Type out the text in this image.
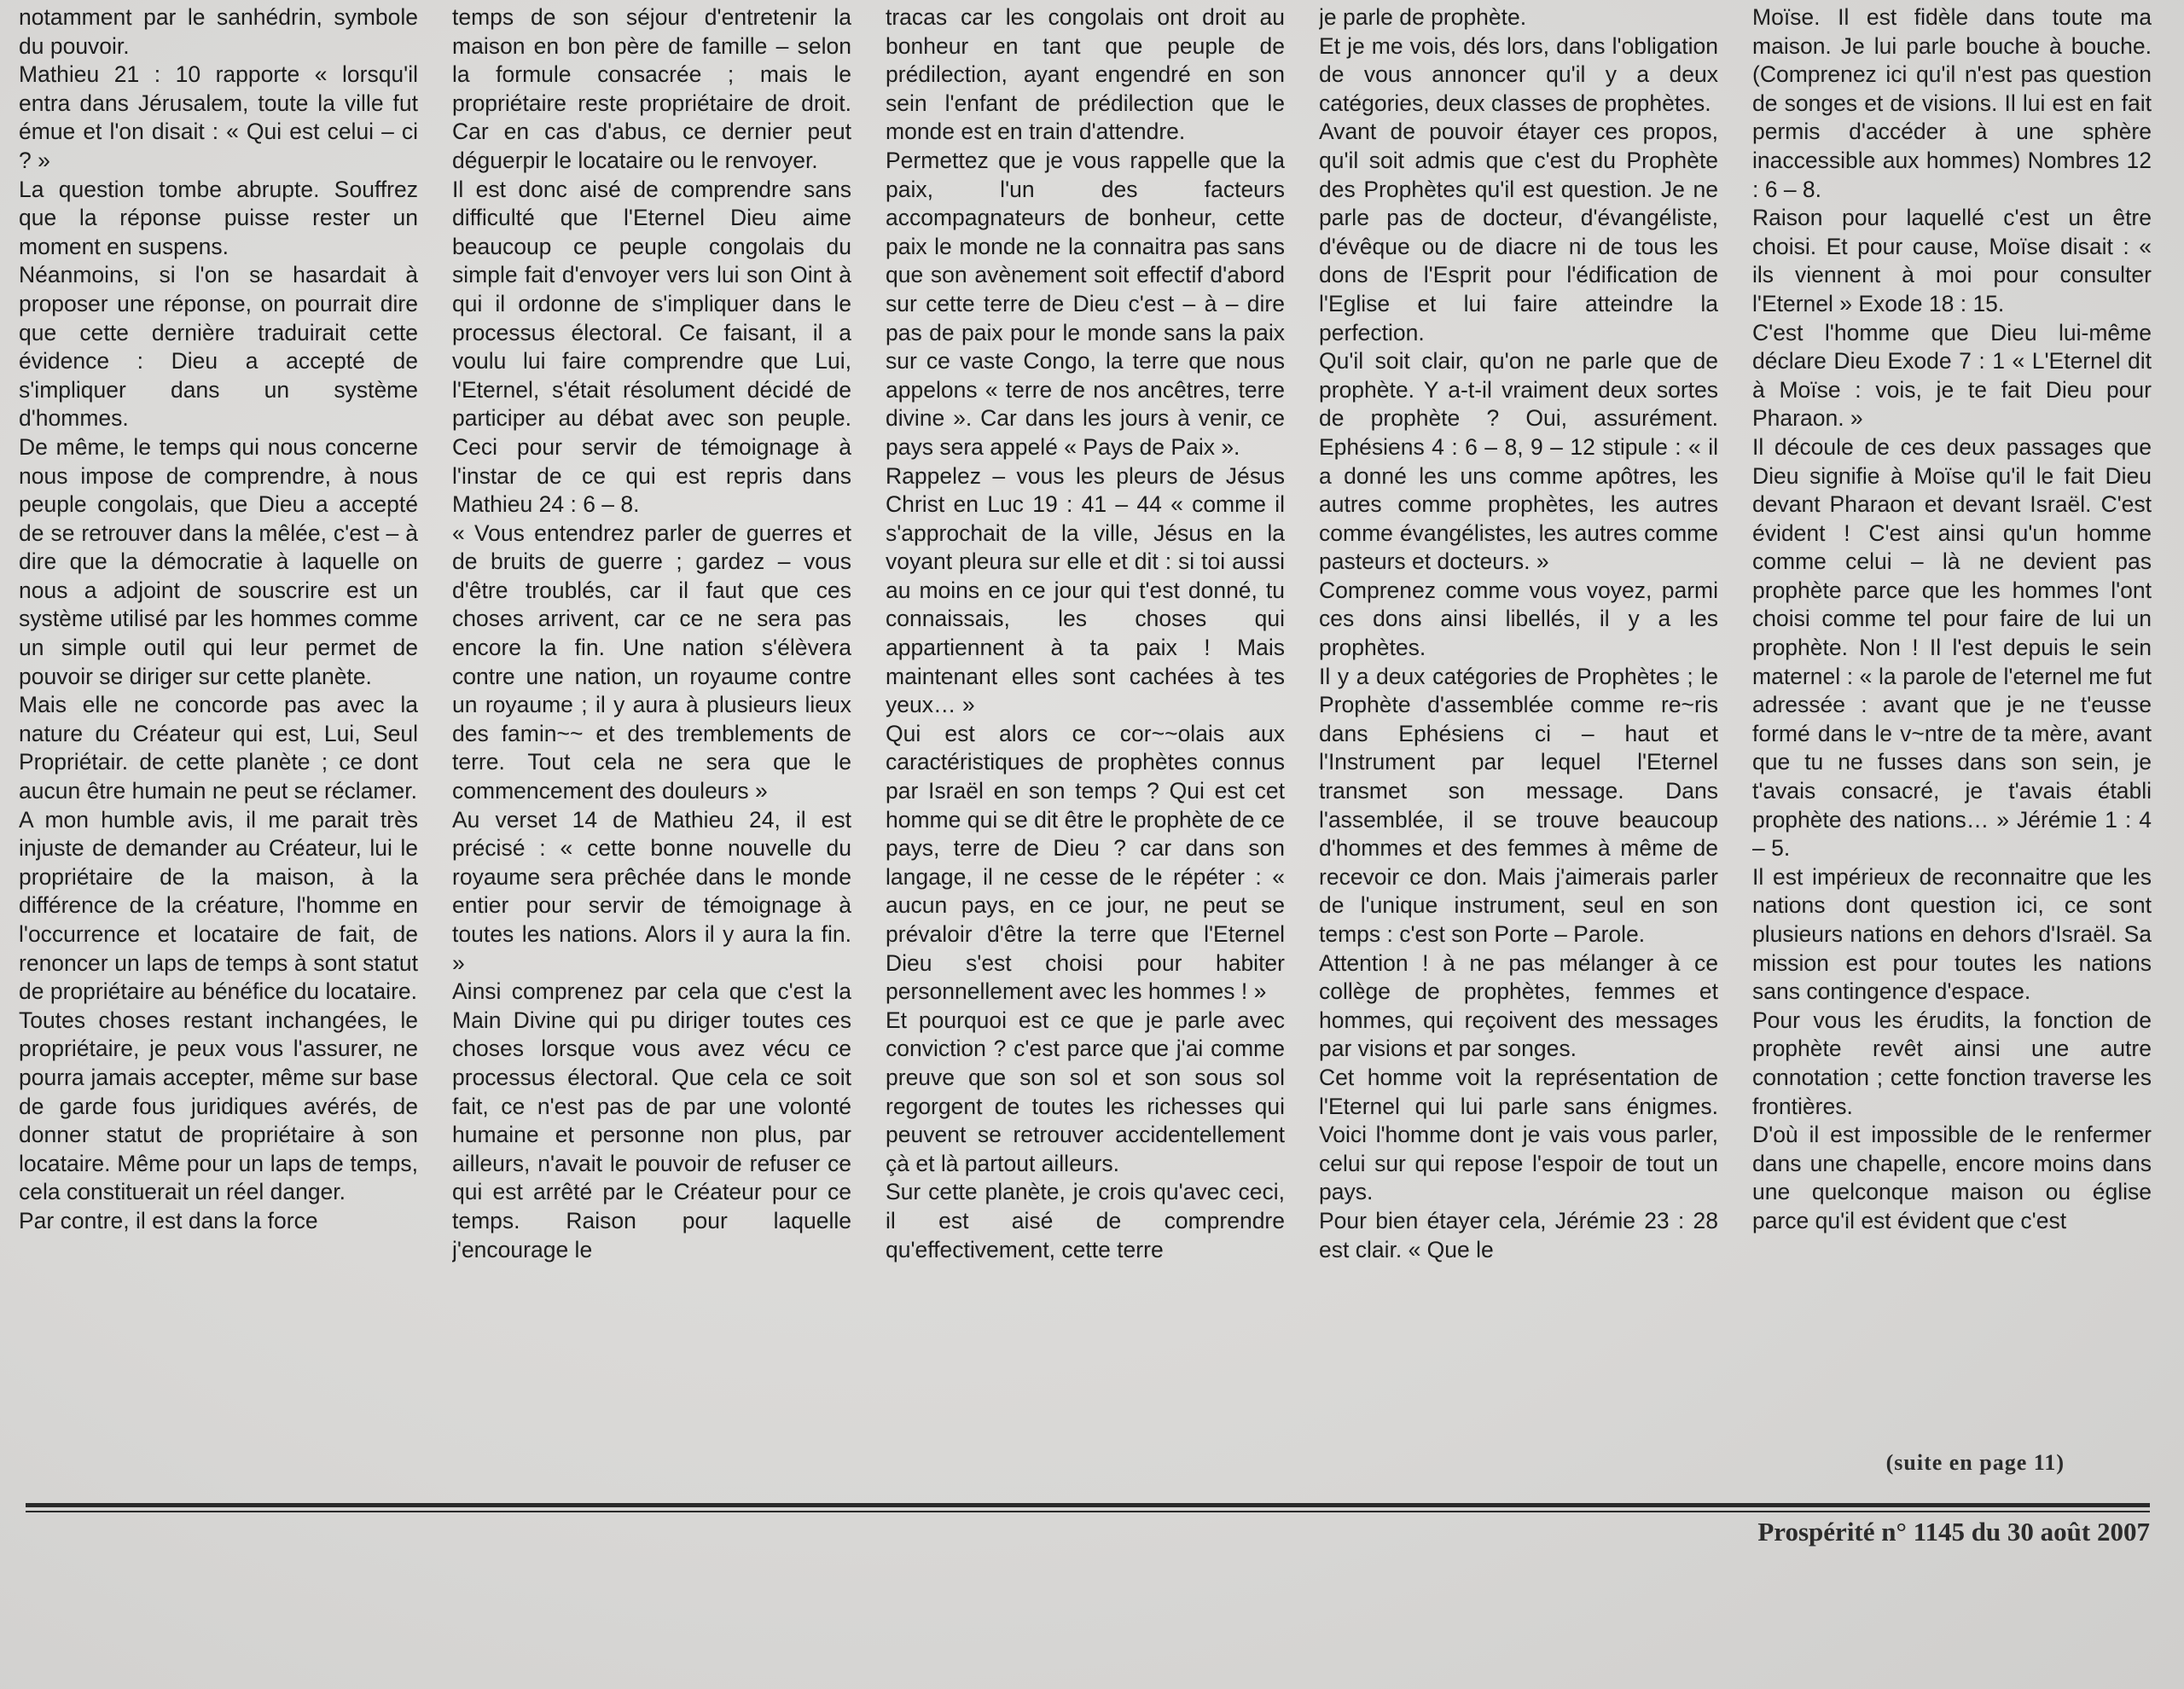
notamment par le sanhédrin, symbole du pouvoir.

Mathieu 21 : 10 rapporte « lorsqu'il entra dans Jérusalem, toute la ville fut émue et l'on disait : « Qui est celui – ci ? »

La question tombe abrupte. Souffrez que la réponse puisse rester un moment en suspens.

Néanmoins, si l'on se hasardait à proposer une réponse, on pourrait dire que cette dernière traduirait cette évidence : Dieu a accepté de s'impliquer dans un système d'hommes.

De même, le temps qui nous concerne nous impose de comprendre, à nous peuple congolais, que Dieu a accepté de se retrouver dans la mêlée, c'est – à dire que la démocratie à laquelle on nous a adjoint de souscrire est un système utilisé par les hommes comme un simple outil qui leur permet de pouvoir se diriger sur cette planète.

Mais elle ne concorde pas avec la nature du Créateur qui est, Lui, Seul Propriétair. de cette planète ; ce dont aucun être humain ne peut se réclamer.

A mon humble avis, il me parait très injuste de demander au Créateur, lui le propriétaire de la maison, à la différence de la créature, l'homme en l'occurrence et locataire de fait, de renoncer un laps de temps à sont statut de propriétaire au bénéfice du locataire.

Toutes choses restant inchangées, le propriétaire, je peux vous l'assurer, ne pourra jamais accepter, même sur base de garde fous juridiques avérés, de donner statut de propriétaire à son locataire. Même pour un laps de temps, cela constituerait un réel danger.

Par contre, il est dans la force

temps de son séjour d'entretenir la maison en bon père de famille – selon la formule consacrée ; mais le propriétaire reste propriétaire de droit. Car en cas d'abus, ce dernier peut déguerpir le locataire ou le renvoyer.

Il est donc aisé de comprendre sans difficulté que l'Eternel Dieu aime beaucoup ce peuple congolais du simple fait d'envoyer vers lui son Oint à qui il ordonne de s'impliquer dans le processus électoral. Ce faisant, il a voulu lui faire comprendre que Lui, l'Eternel, s'était résolument décidé de participer au débat avec son peuple. Ceci pour servir de témoignage à l'instar de ce qui est repris dans Mathieu 24 : 6 – 8.

« Vous entendrez parler de guerres et de bruits de guerre ; gardez – vous d'être troublés, car il faut que ces choses arrivent, car ce ne sera pas encore la fin. Une nation s'élèvera contre une nation, un royaume contre un royaume ; il y aura à plusieurs lieux des famin~~ et des tremblements de terre. Tout cela ne sera que le commencement des douleurs »

Au verset 14 de Mathieu 24, il est précisé : « cette bonne nouvelle du royaume sera prêchée dans le monde entier pour servir de témoignage à toutes les nations. Alors il y aura la fin. »

Ainsi comprenez par cela que c'est la Main Divine qui pu diriger toutes ces choses lorsque vous avez vécu ce processus électoral. Que cela ce soit fait, ce n'est pas de par une volonté humaine et personne non plus, par ailleurs, n'avait le pouvoir de refuser ce qui est arrêté par le Créateur pour ce temps. Raison pour laquelle j'encourage le

tracas car les congolais ont droit au bonheur en tant que peuple de prédilection, ayant engendré en son sein l'enfant de prédilection que le monde est en train d'attendre.

Permettez que je vous rappelle que la paix, l'un des facteurs accompagnateurs de bonheur, cette paix le monde ne la connaitra pas sans que son avènement soit effectif d'abord sur cette terre de Dieu c'est – à – dire pas de paix pour le monde sans la paix sur ce vaste Congo, la terre que nous appelons « terre de nos ancêtres, terre divine ». Car dans les jours à venir, ce pays sera appelé « Pays de Paix ».

Rappelez – vous les pleurs de Jésus Christ en Luc 19 : 41 – 44 « comme il s'approchait de la ville, Jésus en la voyant pleura sur elle et dit : si toi aussi au moins en ce jour qui t'est donné, tu connaissais, les choses qui appartiennent à ta paix ! Mais maintenant elles sont cachées à tes yeux… »

Qui est alors ce cor~~olais aux caractéristiques de prophètes connus par Israël en son temps ? Qui est cet homme qui se dit être le prophète de ce pays, terre de Dieu ? car dans son langage, il ne cesse de le répéter : « aucun pays, en ce jour, ne peut se prévaloir d'être la terre que l'Eternel Dieu s'est choisi pour habiter personnellement avec les hommes ! »

Et pourquoi est ce que je parle avec conviction ? c'est parce que j'ai comme preuve que son sol et son sous sol regorgent de toutes les richesses qui peuvent se retrouver accidentellement çà et là partout ailleurs.

Sur cette planète, je crois qu'avec ceci, il est aisé de comprendre qu'effectivement, cette terre

je parle de prophète.

Et je me vois, dés lors, dans l'obligation de vous annoncer qu'il y a deux catégories, deux classes de prophètes.

Avant de pouvoir étayer ces propos, qu'il soit admis que c'est du Prophète des Prophètes qu'il est question. Je ne parle pas de docteur, d'évangéliste, d'évêque ou de diacre ni de tous les dons de l'Esprit pour l'édification de l'Eglise et lui faire atteindre la perfection.

Qu'il soit clair, qu'on ne parle que de prophète. Y a-t-il vraiment deux sortes de prophète ? Oui, assurément. Ephésiens 4 : 6 – 8, 9 – 12 stipule : « il a donné les uns comme apôtres, les autres comme prophètes, les autres comme évangélistes, les autres comme pasteurs et docteurs. »

Comprenez comme vous voyez, parmi ces dons ainsi libellés, il y a les prophètes.

Il y a deux catégories de Prophètes ; le Prophète d'assemblée comme re~ris dans Ephésiens ci – haut et l'Instrument par lequel l'Eternel transmet son message. Dans l'assemblée, il se trouve beaucoup d'hommes et des femmes à même de recevoir ce don. Mais j'aimerais parler de l'unique instrument, seul en son temps : c'est son Porte – Parole.

Attention ! à ne pas mélanger à ce collège de prophètes, femmes et hommes, qui reçoivent des messages par visions et par songes.

Cet homme voit la représentation de l'Eternel qui lui parle sans énigmes. Voici l'homme dont je vais vous parler, celui sur qui repose l'espoir de tout un pays.

Pour bien étayer cela, Jérémie 23 : 28 est clair. « Que le

Moïse. Il est fidèle dans toute ma maison. Je lui parle bouche à bouche. (Comprenez ici qu'il n'est pas question de songes et de visions. Il lui est en fait permis d'accéder à une sphère inaccessible aux hommes) Nombres 12 : 6 – 8.

Raison pour laquellé c'est un être choisi. Et pour cause, Moïse disait : « ils viennent à moi pour consulter l'Eternel » Exode 18 : 15.

C'est l'homme que Dieu lui-même déclare Dieu Exode 7 : 1 « L'Eternel dit à Moïse : vois, je te fait Dieu pour Pharaon. »

Il découle de ces deux passages que Dieu signifie à Moïse qu'il le fait Dieu devant Pharaon et devant Israël. C'est évident ! C'est ainsi qu'un homme comme celui – là ne devient pas prophète parce que les hommes l'ont choisi comme tel pour faire de lui un prophète. Non ! Il l'est depuis le sein maternel : « la parole de l'eternel me fut adressée : avant que je ne t'eusse formé dans le v~ntre de ta mère, avant que tu ne fusses dans son sein, je t'avais consacré, je t'avais établi prophète des nations… » Jérémie 1 : 4 – 5.

Il est impérieux de reconnaitre que les nations dont question ici, ce sont plusieurs nations en dehors d'Israël. Sa mission est pour toutes les nations sans contingence d'espace.

Pour vous les érudits, la fonction de prophète revêt ainsi une autre connotation ; cette fonction traverse les frontières.

D'où il est impossible de le renfermer dans une chapelle, encore moins dans une quelconque maison ou église parce qu'il est évident que c'est

(suite en page 11)
Prospérité n° 1145 du 30 août 2007
